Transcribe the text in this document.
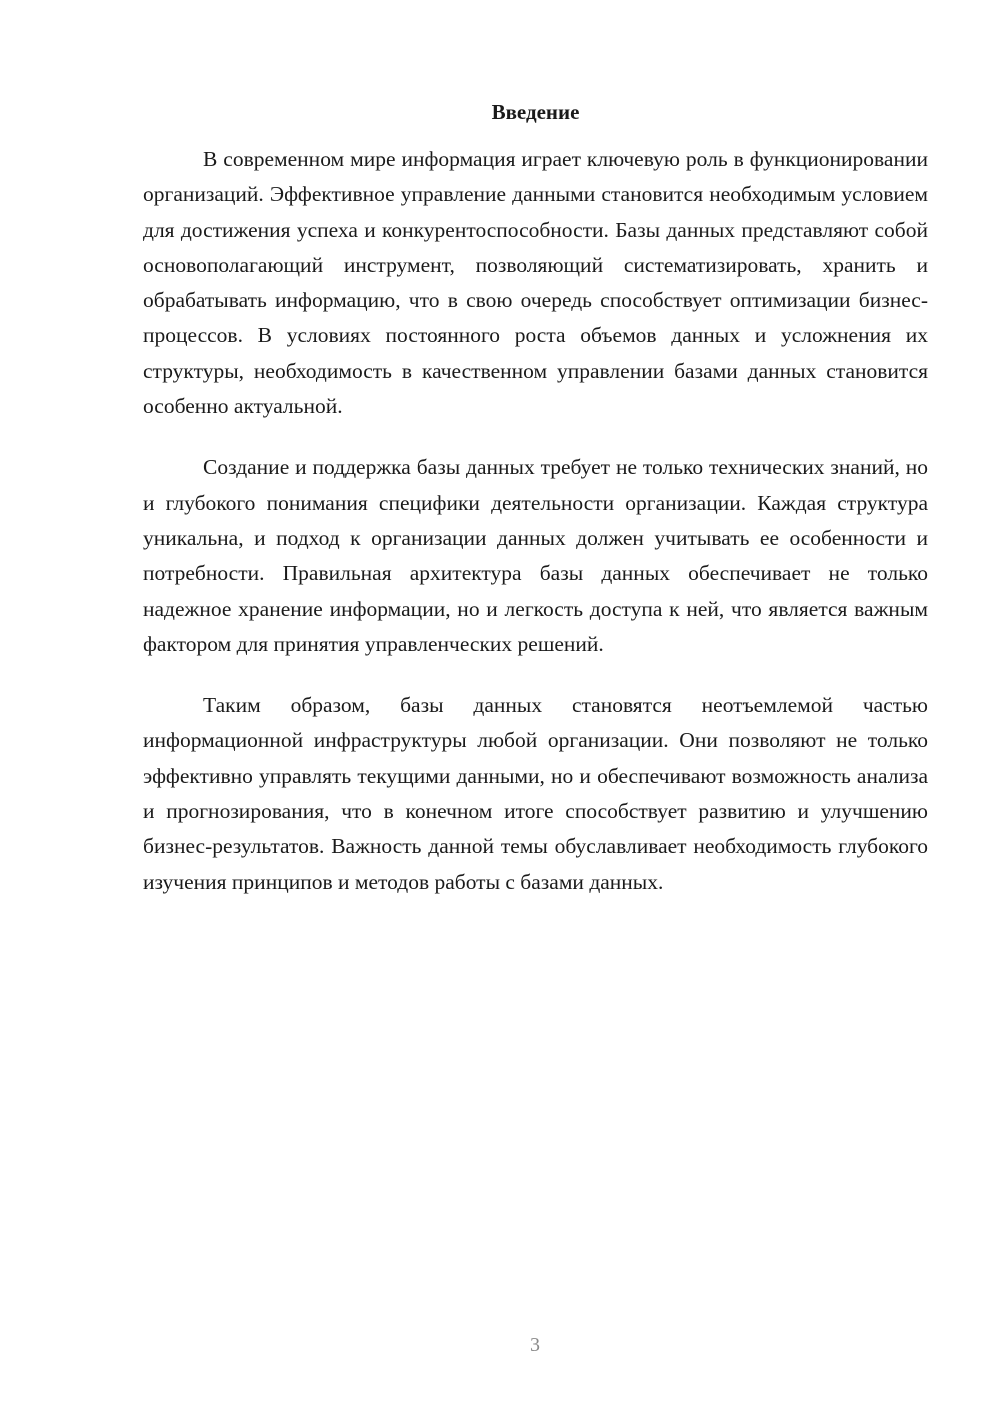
Введение

В современном мире информация играет ключевую роль в функционировании организаций. Эффективное управление данными становится необходимым условием для достижения успеха и конкурентоспособности. Базы данных представляют собой основополагающий инструмент, позволяющий систематизировать, хранить и обрабатывать информацию, что в свою очередь способствует оптимизации бизнес-процессов. В условиях постоянного роста объемов данных и усложнения их структуры, необходимость в качественном управлении базами данных становится особенно актуальной.

Создание и поддержка базы данных требует не только технических знаний, но и глубокого понимания специфики деятельности организации. Каждая структура уникальна, и подход к организации данных должен учитывать ее особенности и потребности. Правильная архитектура базы данных обеспечивает не только надежное хранение информации, но и легкость доступа к ней, что является важным фактором для принятия управленческих решений.

Таким образом, базы данных становятся неотъемлемой частью информационной инфраструктуры любой организации. Они позволяют не только эффективно управлять текущими данными, но и обеспечивают возможность анализа и прогнозирования, что в конечном итоге способствует развитию и улучшению бизнес-результатов. Важность данной темы обуславливает необходимость глубокого изучения принципов и методов работы с базами данных.

3
